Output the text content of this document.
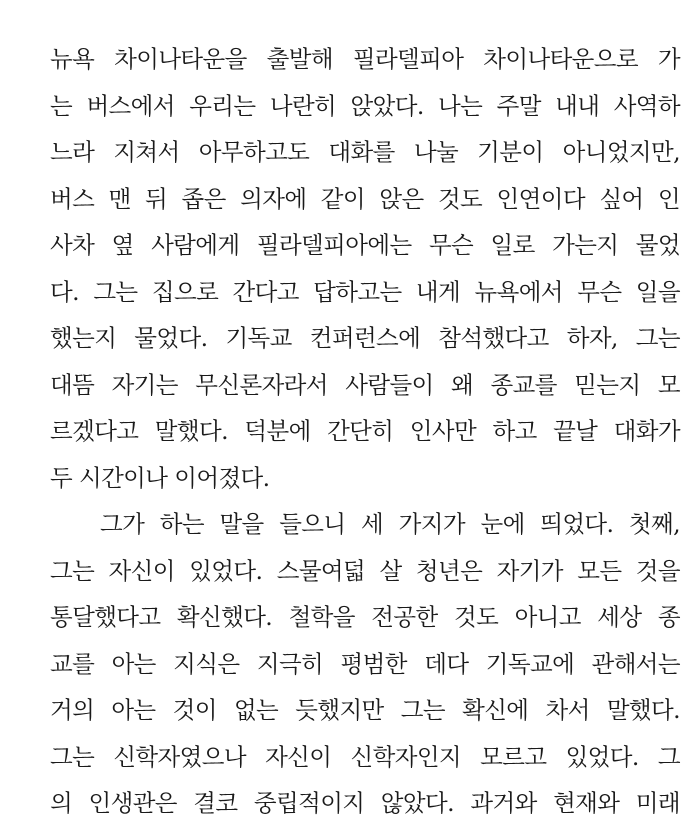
뉴욕 차이나타운을 출발해 필라델피아 차이나타운으로 가
는 버스에서 우리는 나란히 앉았다. 나는 주말 내내 사역하
느라 지쳐서 아무하고도 대화를 나눌 기분이 아니었지만,
버스 맨 뒤 좁은 의자에 같이 앉은 것도 인연이다 싶어 인
사차 옆 사람에게 필라델피아에는 무슨 일로 가는지 물었
다. 그는 집으로 간다고 답하고는 내게 뉴욕에서 무슨 일을
했는지 물었다. 기독교 컨퍼런스에 참석했다고 하자, 그는
대뜸 자기는 무신론자라서 사람들이 왜 종교를 믿는지 모
르겠다고 말했다. 덕분에 간단히 인사만 하고 끝날 대화가
두 시간이나 이어졌다.
그가 하는 말을 들으니 세 가지가 눈에 띄었다. 첫째,
그는 자신이 있었다. 스물여덟 살 청년은 자기가 모든 것을
통달했다고 확신했다. 철학을 전공한 것도 아니고 세상 종
교를 아는 지식은 지극히 평범한 데다 기독교에 관해서는
거의 아는 것이 없는 듯했지만 그는 확신에 차서 말했다.
그는 신학자였으나 자신이 신학자인지 모르고 있었다. 그
의 인생관은 결코 중립적이지 않았다. 과거와 현재와 미래
